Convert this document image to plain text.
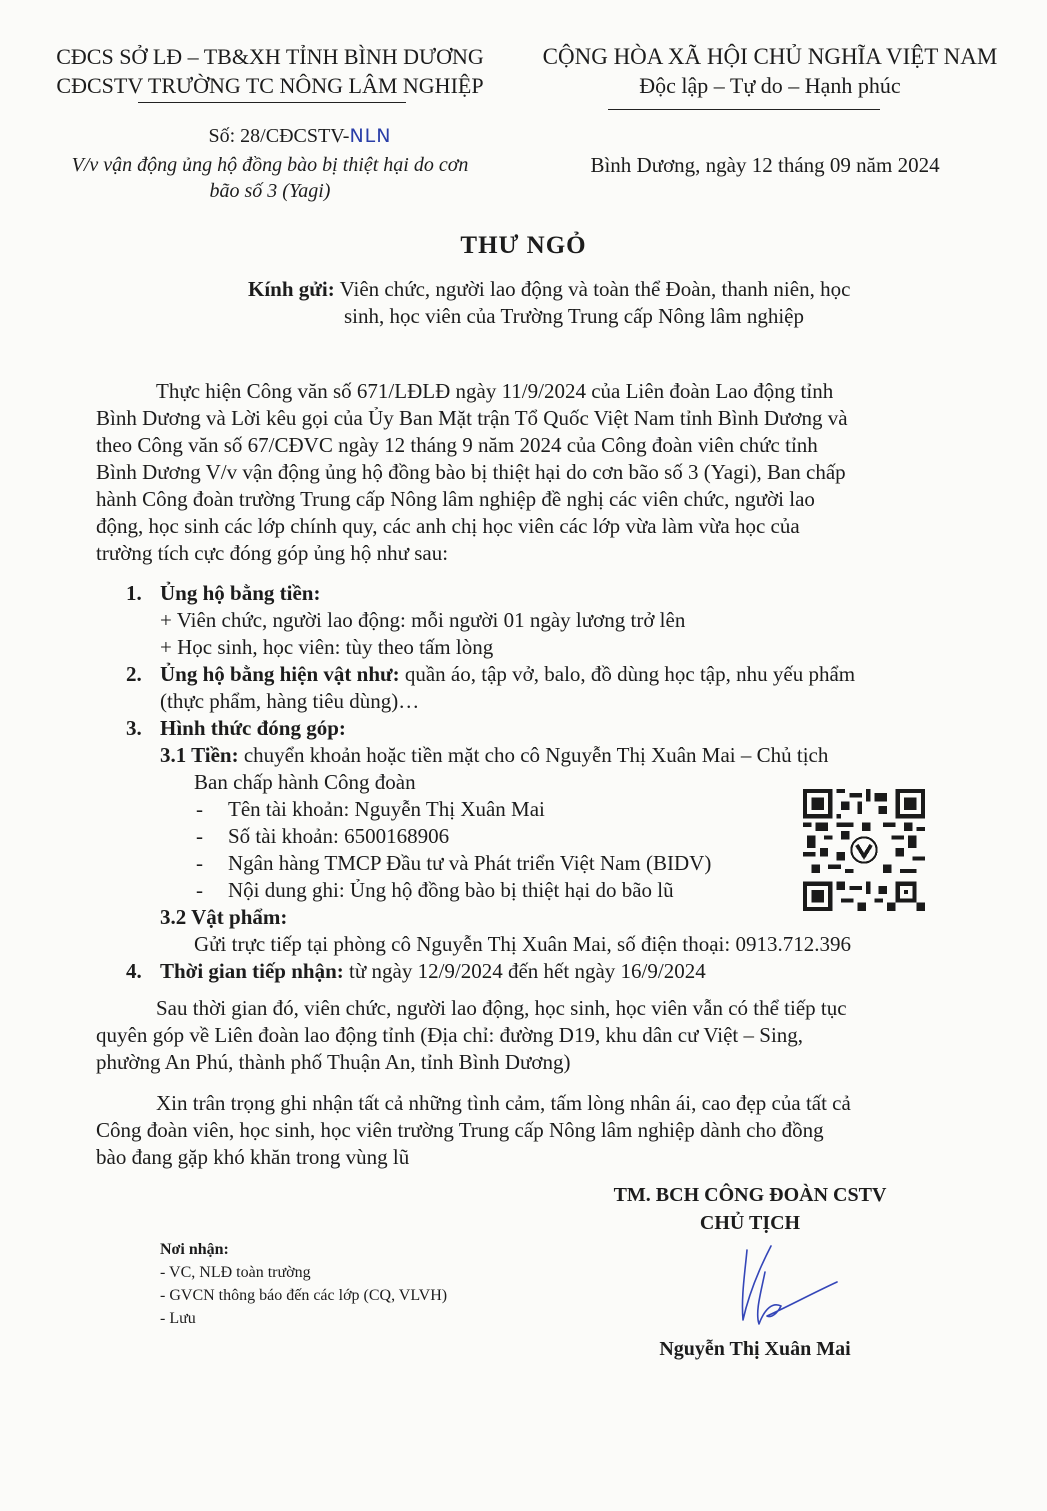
CĐCS SỞ LĐ – TB&XH TỈNH BÌNH DƯƠNG
CĐCSTV TRƯỜNG TC NÔNG LÂM NGHIỆP
CỘNG HÒA XÃ HỘI CHỦ NGHĨA VIỆT NAM
Độc lập – Tự do – Hạnh phúc
Số: 28/CĐCSTV-NLN
V/v vận động ủng hộ đồng bào bị thiệt hại do cơn
bão số 3 (Yagi)
Bình Dương, ngày 12 tháng 09 năm 2024
THƯ NGỎ
Kính gửi: Viên chức, người lao động và toàn thể Đoàn, thanh niên, học
sinh, học viên của Trường Trung cấp Nông lâm nghiệp
Thực hiện Công văn số 671/LĐLĐ ngày 11/9/2024 của Liên đoàn Lao động tỉnh
Bình Dương và Lời kêu gọi của Ủy Ban Mặt trận Tổ Quốc Việt Nam tỉnh Bình Dương và
theo Công văn số 67/CĐVC ngày 12 tháng 9 năm 2024 của Công đoàn viên chức tỉnh
Bình Dương V/v vận động ủng hộ đồng bào bị thiệt hại do cơn bão số 3 (Yagi), Ban chấp
hành Công đoàn trường Trung cấp Nông lâm nghiệp đề nghị các viên chức, người lao
động, học sinh các lớp chính quy, các anh chị học viên các lớp vừa làm vừa học của
trường tích cực đóng góp ủng hộ như sau:
1. Ủng hộ bằng tiền:
+ Viên chức, người lao động: mỗi người 01 ngày lương trở lên
+ Học sinh, học viên: tùy theo tấm lòng
2. Ủng hộ bằng hiện vật như: quần áo, tập vở, balo, đồ dùng học tập, nhu yếu phẩm
(thực phẩm, hàng tiêu dùng)…
3. Hình thức đóng góp:
3.1 Tiền: chuyển khoản hoặc tiền mặt cho cô Nguyễn Thị Xuân Mai – Chủ tịch
Ban chấp hành Công đoàn
-	Tên tài khoản: Nguyễn Thị Xuân Mai
-	Số tài khoản: 6500168906
-	Ngân hàng TMCP Đầu tư và Phát triển Việt Nam (BIDV)
-	Nội dung ghi: Ủng hộ đồng bào bị thiệt hại do bão lũ
3.2 Vật phẩm:
Gửi trực tiếp tại phòng cô Nguyễn Thị Xuân Mai, số điện thoại: 0913.712.396
4. Thời gian tiếp nhận: từ ngày 12/9/2024 đến hết ngày 16/9/2024
Sau thời gian đó, viên chức, người lao động, học sinh, học viên vẫn có thể tiếp tục
quyên góp về Liên đoàn lao động tỉnh (Địa chỉ: đường D19, khu dân cư Việt – Sing,
phường An Phú, thành phố Thuận An, tỉnh Bình Dương)
Xin trân trọng ghi nhận tất cả những tình cảm, tấm lòng nhân ái, cao đẹp của tất cả
Công đoàn viên, học sinh, học viên trường Trung cấp Nông lâm nghiệp dành cho đồng
bào đang gặp khó khăn trong vùng lũ
TM. BCH CÔNG ĐOÀN CSTV
CHỦ TỊCH
Nguyễn Thị Xuân Mai
Nơi nhận:
- VC, NLĐ toàn trường
- GVCN thông báo đến các lớp (CQ, VLVH)
- Lưu
